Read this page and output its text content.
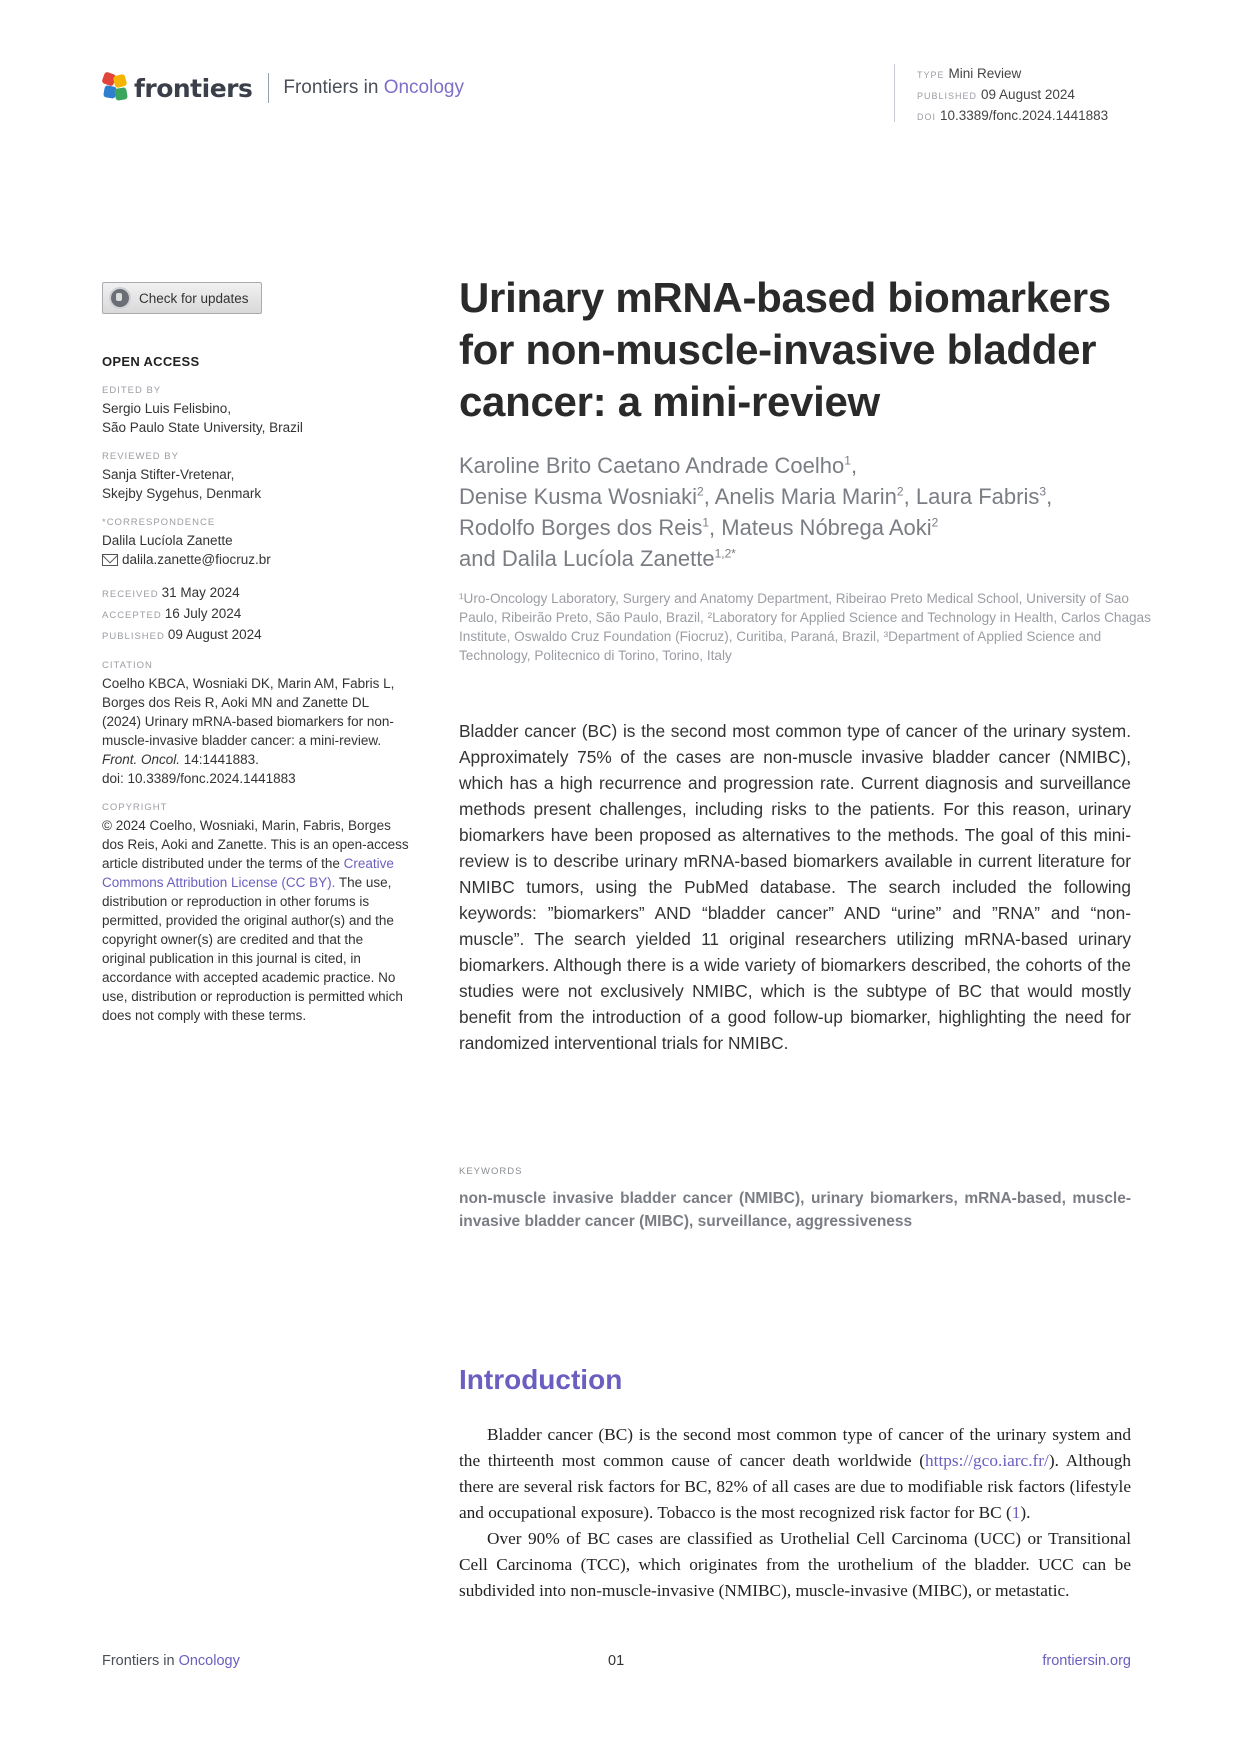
frontiers Frontiers in Oncology
TYPE Mini Review
PUBLISHED 09 August 2024
DOI 10.3389/fonc.2024.1441883
Check for updates
OPEN ACCESS
EDITED BY
Sergio Luis Felisbino,
São Paulo State University, Brazil
REVIEWED BY
Sanja Stifter-Vretenar,
Skejby Sygehus, Denmark
*CORRESPONDENCE
Dalila Lucíola Zanette
dalila.zanette@fiocruz.br
RECEIVED 31 May 2024
ACCEPTED 16 July 2024
PUBLISHED 09 August 2024
CITATION
Coelho KBCA, Wosniaki DK, Marin AM, Fabris L, Borges dos Reis R, Aoki MN and Zanette DL (2024) Urinary mRNA-based biomarkers for non-muscle-invasive bladder cancer: a mini-review. Front. Oncol. 14:1441883.
doi: 10.3389/fonc.2024.1441883
COPYRIGHT
© 2024 Coelho, Wosniaki, Marin, Fabris, Borges dos Reis, Aoki and Zanette. This is an open-access article distributed under the terms of the Creative Commons Attribution License (CC BY). The use, distribution or reproduction in other forums is permitted, provided the original author(s) and the copyright owner(s) are credited and that the original publication in this journal is cited, in accordance with accepted academic practice. No use, distribution or reproduction is permitted which does not comply with these terms.
Urinary mRNA-based biomarkers for non-muscle-invasive bladder cancer: a mini-review
Karoline Brito Caetano Andrade Coelho$^1$,
Denise Kusma Wosniaki$^2$, Anelis Maria Marin$^2$, Laura Fabris$^3$,
Rodolfo Borges dos Reis$^1$, Mateus Nóbrega Aoki$^2$
and Dalila Lucíola Zanette$^{1,2*}$
¹Uro-Oncology Laboratory, Surgery and Anatomy Department, Ribeirao Preto Medical School, University of Sao Paulo, Ribeirão Preto, São Paulo, Brazil, ²Laboratory for Applied Science and Technology in Health, Carlos Chagas Institute, Oswaldo Cruz Foundation (Fiocruz), Curitiba, Paraná, Brazil, ³Department of Applied Science and Technology, Politecnico di Torino, Torino, Italy
Bladder cancer (BC) is the second most common type of cancer of the urinary system. Approximately 75% of the cases are non-muscle invasive bladder cancer (NMIBC), which has a high recurrence and progression rate. Current diagnosis and surveillance methods present challenges, including risks to the patients. For this reason, urinary biomarkers have been proposed as alternatives to the methods. The goal of this mini-review is to describe urinary mRNA-based biomarkers available in current literature for NMIBC tumors, using the PubMed database. The search included the following keywords: ”biomarkers” AND “bladder cancer” AND “urine” and ”RNA” and “non-muscle”. The search yielded 11 original researchers utilizing mRNA-based urinary biomarkers. Although there is a wide variety of biomarkers described, the cohorts of the studies were not exclusively NMIBC, which is the subtype of BC that would mostly benefit from the introduction of a good follow-up biomarker, highlighting the need for randomized interventional trials for NMIBC.
KEYWORDS
non-muscle invasive bladder cancer (NMIBC), urinary biomarkers, mRNA-based, muscle-invasive bladder cancer (MIBC), surveillance, aggressiveness
Introduction

Bladder cancer (BC) is the second most common type of cancer of the urinary system and the thirteenth most common cause of cancer death worldwide (https://gco.iarc.fr/). Although there are several risk factors for BC, 82% of all cases are due to modifiable risk factors (lifestyle and occupational exposure). Tobacco is the most recognized risk factor for BC (1).

Over 90% of BC cases are classified as Urothelial Cell Carcinoma (UCC) or Transitional Cell Carcinoma (TCC), which originates from the urothelium of the bladder. UCC can be subdivided into non-muscle-invasive (NMIBC), muscle-invasive (MIBC), or metastatic.

Frontiers in Oncology	01	frontiersin.org
